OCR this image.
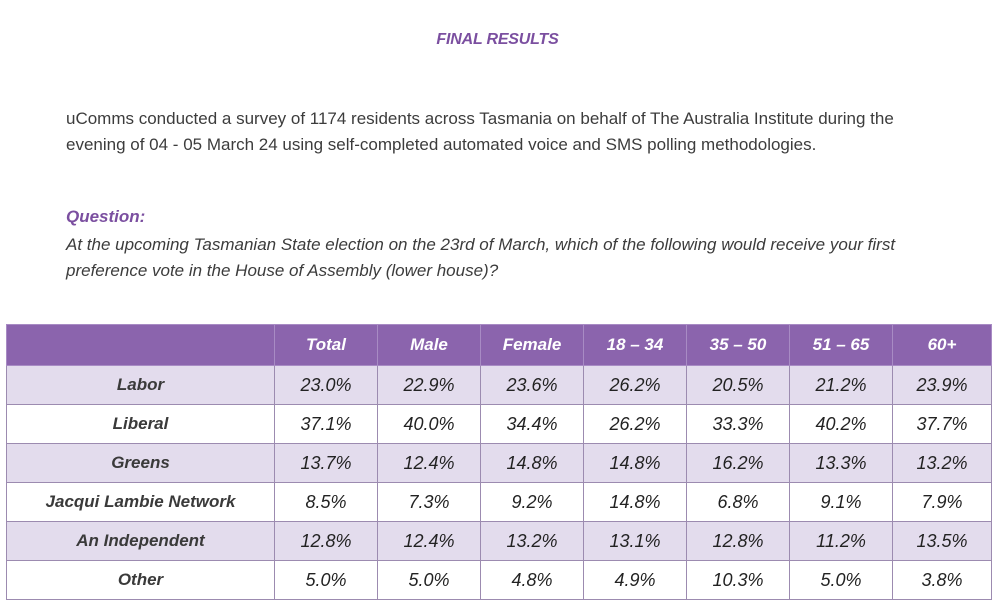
FINAL RESULTS
uComms conducted a survey of 1174 residents across Tasmania on behalf of The Australia Institute during the evening of 04 - 05 March 24 using self-completed automated voice and SMS polling methodologies.
Question:
At the upcoming Tasmanian State election on the 23rd of March, which of the following would receive your first preference vote in the House of Assembly (lower house)?
	Total	Male	Female	18 – 34	35 – 50	51 – 65	60+
Labor	23.0%	22.9%	23.6%	26.2%	20.5%	21.2%	23.9%
Liberal	37.1%	40.0%	34.4%	26.2%	33.3%	40.2%	37.7%
Greens	13.7%	12.4%	14.8%	14.8%	16.2%	13.3%	13.2%
Jacqui Lambie Network	8.5%	7.3%	9.2%	14.8%	6.8%	9.1%	7.9%
An Independent	12.8%	12.4%	13.2%	13.1%	12.8%	11.2%	13.5%
Other	5.0%	5.0%	4.8%	4.9%	10.3%	5.0%	3.8%
